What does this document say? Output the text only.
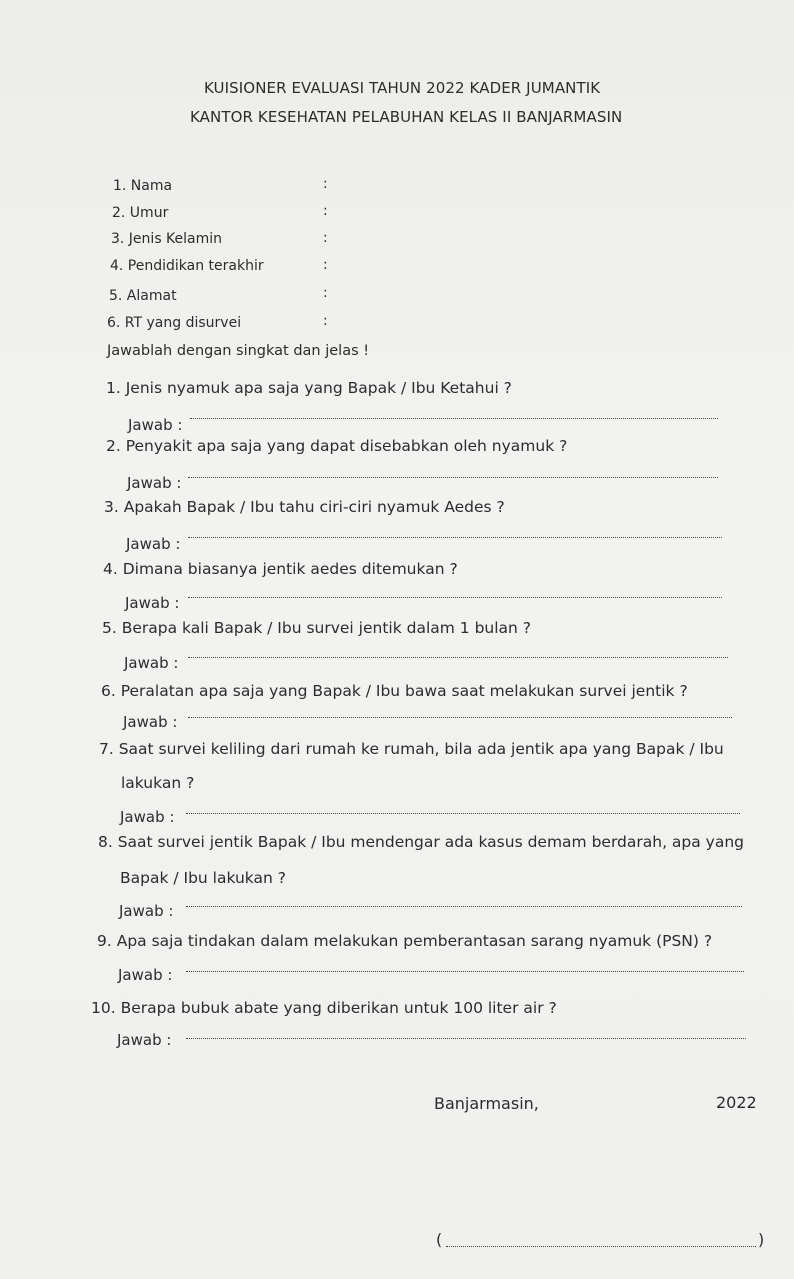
KUISIONER EVALUASI TAHUN 2022 KADER JUMANTIK
KANTOR KESEHATAN PELABUHAN KELAS II BANJARMASIN
1. Nama	:
2. Umur	:
3. Jenis Kelamin	:
4. Pendidikan terakhir	:
5. Alamat	:
6. RT yang disurvei	:
Jawablah dengan singkat dan jelas !
1. Jenis nyamuk apa saja yang Bapak / Ibu Ketahui ?
Jawab :
2. Penyakit apa saja yang dapat disebabkan oleh nyamuk ?
Jawab :
3. Apakah Bapak / Ibu tahu ciri-ciri nyamuk Aedes ?
Jawab :
4. Dimana biasanya jentik aedes ditemukan ?
Jawab :
5. Berapa kali Bapak / Ibu survei jentik dalam 1 bulan ?
Jawab :
6. Peralatan apa saja yang Bapak / Ibu bawa saat melakukan survei jentik ?
Jawab :
7. Saat survei keliling dari rumah ke rumah, bila ada jentik apa yang Bapak / Ibu
lakukan ?
Jawab :
8. Saat survei jentik Bapak / Ibu mendengar ada kasus demam berdarah, apa yang
Bapak / Ibu lakukan ?
Jawab :
9. Apa saja tindakan dalam melakukan pemberantasan sarang nyamuk (PSN) ?
Jawab :
10. Berapa bubuk abate yang diberikan untuk 100 liter air ?
Jawab :
Banjarmasin,	2022
(	)
